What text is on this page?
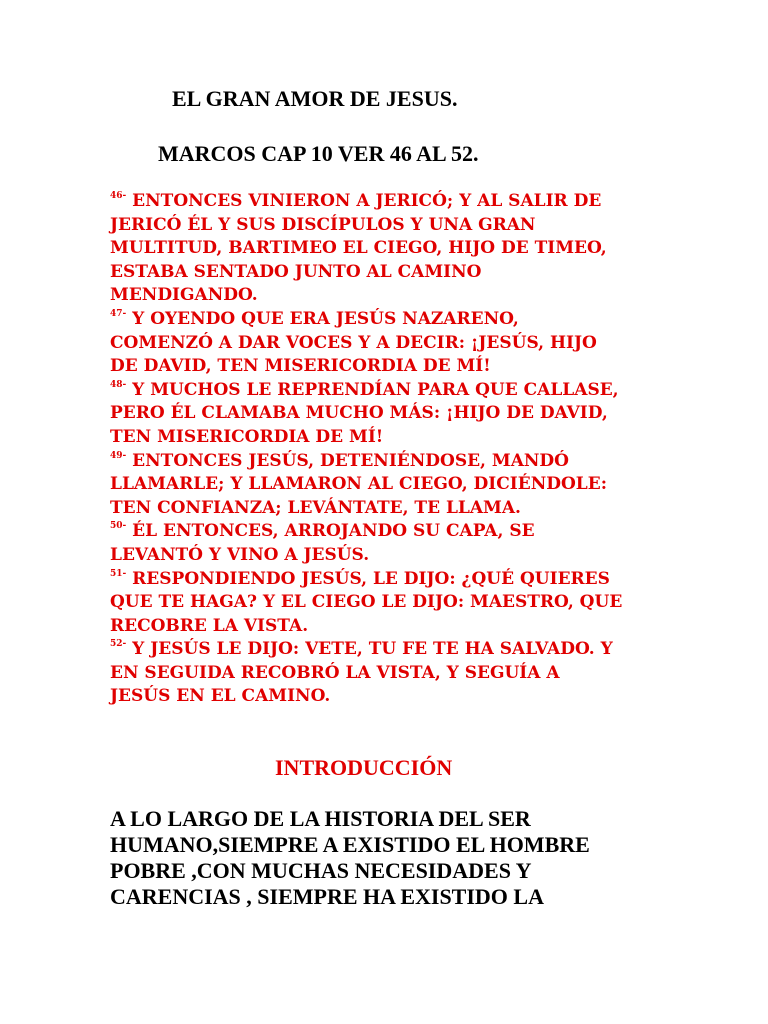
EL GRAN AMOR DE JESUS.
MARCOS CAP 10 VER 46 AL 52.
$^{46-}$ ENTONCES VINIERON A JERICÓ; Y AL SALIR DE
JERICÓ ÉL Y SUS DISCÍPULOS Y UNA GRAN
MULTITUD, BARTIMEO EL CIEGO, HIJO DE TIMEO,
ESTABA SENTADO JUNTO AL CAMINO
MENDIGANDO.
$^{47-}$ Y OYENDO QUE ERA JESÚS NAZARENO,
COMENZÓ A DAR VOCES Y A DECIR: ¡JESÚS, HIJO
DE DAVID, TEN MISERICORDIA DE MÍ!
$^{48-}$ Y MUCHOS LE REPRENDÍAN PARA QUE CALLASE,
PERO ÉL CLAMABA MUCHO MÁS: ¡HIJO DE DAVID,
TEN MISERICORDIA DE MÍ!
$^{49-}$ ENTONCES JESÚS, DETENIÉNDOSE, MANDÓ
LLAMARLE; Y LLAMARON AL CIEGO, DICIÉNDOLE:
TEN CONFIANZA; LEVÁNTATE, TE LLAMA.
$^{50-}$ ÉL ENTONCES, ARROJANDO SU CAPA, SE
LEVANTÓ Y VINO A JESÚS.
$^{51-}$ RESPONDIENDO JESÚS, LE DIJO: ¿QUÉ QUIERES
QUE TE HAGA? Y EL CIEGO LE DIJO: MAESTRO, QUE
RECOBRE LA VISTA.
$^{52-}$ Y JESÚS LE DIJO: VETE, TU FE TE HA SALVADO. Y
EN SEGUIDA RECOBRÓ LA VISTA, Y SEGUÍA A
JESÚS EN EL CAMINO.
INTRODUCCIÓN
A LO LARGO DE LA HISTORIA DEL SER
HUMANO,SIEMPRE A EXISTIDO EL HOMBRE
POBRE ,CON MUCHAS NECESIDADES Y
CARENCIAS , SIEMPRE HA EXISTIDO LA
